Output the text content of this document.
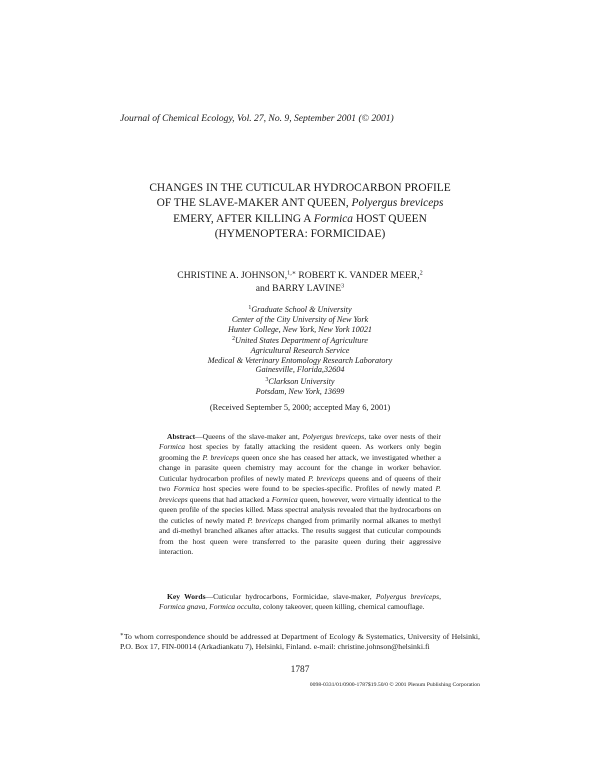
Journal of Chemical Ecology, Vol. 27, No. 9, September 2001 (© 2001)
CHANGES IN THE CUTICULAR HYDROCARBON PROFILE
OF THE SLAVE-MAKER ANT QUEEN, Polyergus breviceps
EMERY, AFTER KILLING A Formica HOST QUEEN
(HYMENOPTERA: FORMICIDAE)
CHRISTINE A. JOHNSON,$^{1,∗}$ ROBERT K. VANDER MEER,$^2$
and BARRY LAVINE$^3$
$^1$Graduate School & University
Center of the City University of New York
Hunter College, New York, New York 10021
$^2$United States Department of Agriculture
Agricultural Research Service
Medical & Veterinary Entomology Research Laboratory
Gainesville, Florida,32604
$^3$Clarkson University
Potsdam, New York, 13699
(Received September 5, 2000; accepted May 6, 2001)

Abstract—Queens of the slave-maker ant, Polyergus breviceps, take over nests of their Formica host species by fatally attacking the resident queen. As workers only begin grooming the P. breviceps queen once she has ceased her attack, we investigated whether a change in parasite queen chemistry may account for the change in worker behavior. Cuticular hydrocarbon profiles of newly mated P. breviceps queens and of queens of their two Formica host species were found to be species-specific. Profiles of newly mated P. breviceps queens that had attacked a Formica queen, however, were virtually identical to the queen profile of the species killed. Mass spectral analysis revealed that the hydrocarbons on the cuticles of newly mated P. breviceps changed from primarily normal alkanes to methyl and di-methyl branched alkanes after attacks. The results suggest that cuticular compounds from the host queen were transferred to the parasite queen during their aggressive interaction.

Key Words—Cuticular hydrocarbons, Formicidae, slave-maker, Polyergus breviceps, Formica gnava, Formica occulta, colony takeover, queen killing, chemical camouflage.

∗To whom correspondence should be addressed at Department of Ecology & Systematics, University of Helsinki, P.O. Box 17, FIN-00014 (Arkadiankatu 7), Helsinki, Finland. e-mail: christine.johnson@helsinki.fi

1787
0098-0331/01/0900-1787$19.50/0 © 2001 Plenum Publishing Corporation
